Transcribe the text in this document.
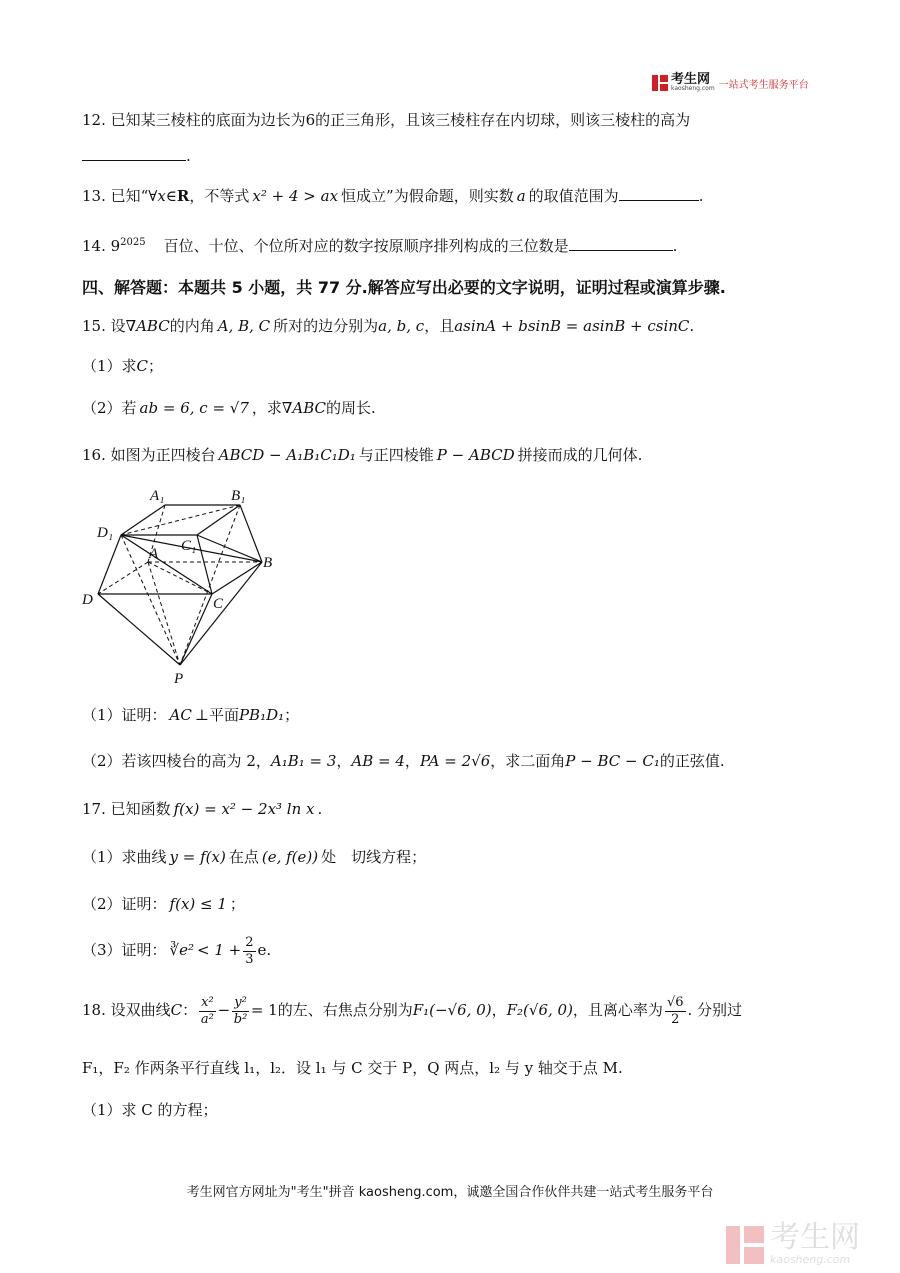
考生网
kaosheng.com 一站式考生服务平台
12. 已知某三棱柱的底面为边长为6的正三角形，且该三棱柱存在内切球，则该三棱柱的高为
.
13. 已知“∀x∈R，不等式 x² + 4 > ax 恒成立”为假命题，则实数 a 的取值范围为	.
14. $9^{2025}$ 百位、十位、个位所对应的数字按原顺序排列构成的三位数是	.
四、解答题：本题共 5 小题，共 77 分.解答应写出必要的文字说明，证明过程或演算步骤.
15. 设∇ABC的内角 A, B, C 所对的边分别为a, b, c，且asinA + bsinB = asinB + csinC.
（1）求C；
（2）若 ab = 6, c = √7 ，求∇ABC的周长.
16. 如图为正四棱台 ABCD − A₁B₁C₁D₁ 与正四棱锥 P − ABCD 拼接而成的几何体.
A₁	B₁
D₁
C₁
A
B
C
D
P
（1）证明： AC ⊥平面PB₁D₁；
（2）若该四棱台的高为 2，A₁B₁ = 3，AB = 4，PA = 2√6，求二面角P − BC − C₁的正弦值.
17. 已知函数 f(x) = x² − 2x³ ln x .
（1）求曲线 y = f(x) 在点 (e, f(e)) 处　切线方程；
（2）证明： f(x) ≤ 1 ；
（3）证明： ∛e² < $1 + \frac{2}{3} e$.
18. 设双曲线C： $\frac{\text{x²}}{\text{a²}} - \frac{\text{y²}}{\text{b²}} = 1$的左、右焦点分别为F₁(−√6, 0)，F₂(√6, 0)，且离心率为 $\frac{√6}{2}$ . 分别过
F₁，F₂ 作两条平行直线 l₁，l₂．设 l₁ 与 C 交于 P，Q 两点，l₂ 与 y 轴交于点 M.
（1）求 C 的方程；
考生网官方网址为"考生"拼音 kaosheng.com，诚邀全国合作伙伴共建一站式考生服务平台
考生网
kaosheng.com
